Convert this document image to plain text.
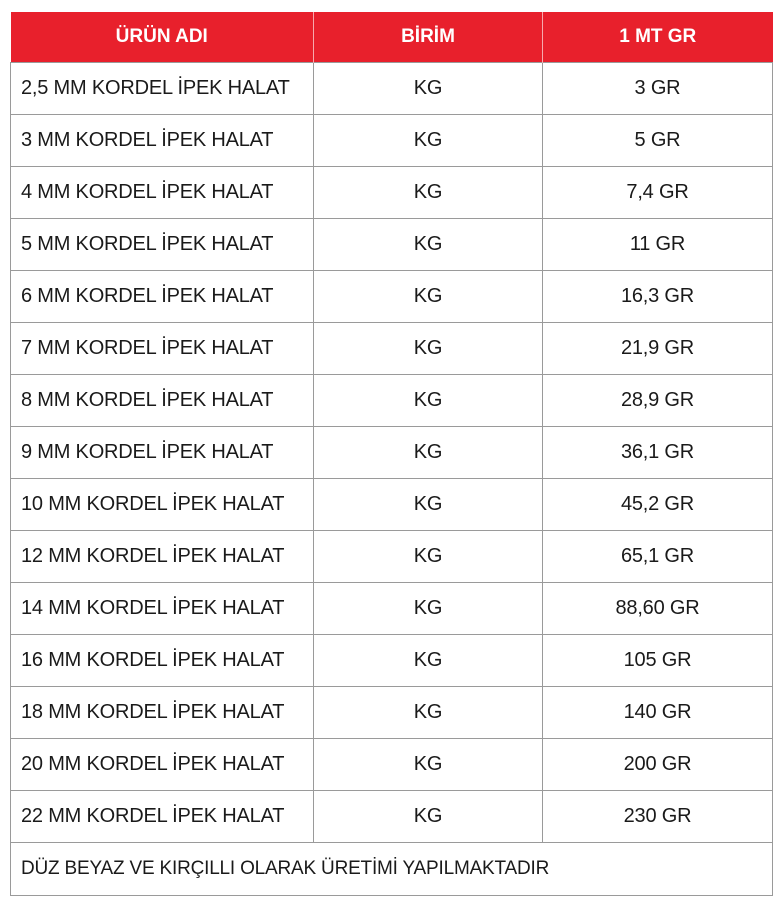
ÜRÜN ADI	BİRİM	1 MT GR
2,5 MM KORDEL İPEK HALAT	KG	3 GR
3 MM KORDEL İPEK HALAT	KG	5 GR
4 MM KORDEL İPEK HALAT	KG	7,4 GR
5 MM KORDEL İPEK HALAT	KG	11 GR
6 MM KORDEL İPEK HALAT	KG	16,3 GR
7 MM KORDEL İPEK HALAT	KG	21,9 GR
8 MM KORDEL İPEK HALAT	KG	28,9 GR
9 MM KORDEL İPEK HALAT	KG	36,1 GR
10 MM KORDEL İPEK HALAT	KG	45,2 GR
12 MM KORDEL İPEK HALAT	KG	65,1 GR
14 MM KORDEL İPEK HALAT	KG	88,60 GR
16 MM KORDEL İPEK HALAT	KG	105 GR
18 MM KORDEL İPEK HALAT	KG	140 GR
20 MM KORDEL İPEK HALAT	KG	200 GR
22 MM KORDEL İPEK HALAT	KG	230 GR
DÜZ BEYAZ VE KIRÇILLI OLARAK ÜRETİMİ YAPILMAKTADIR		
